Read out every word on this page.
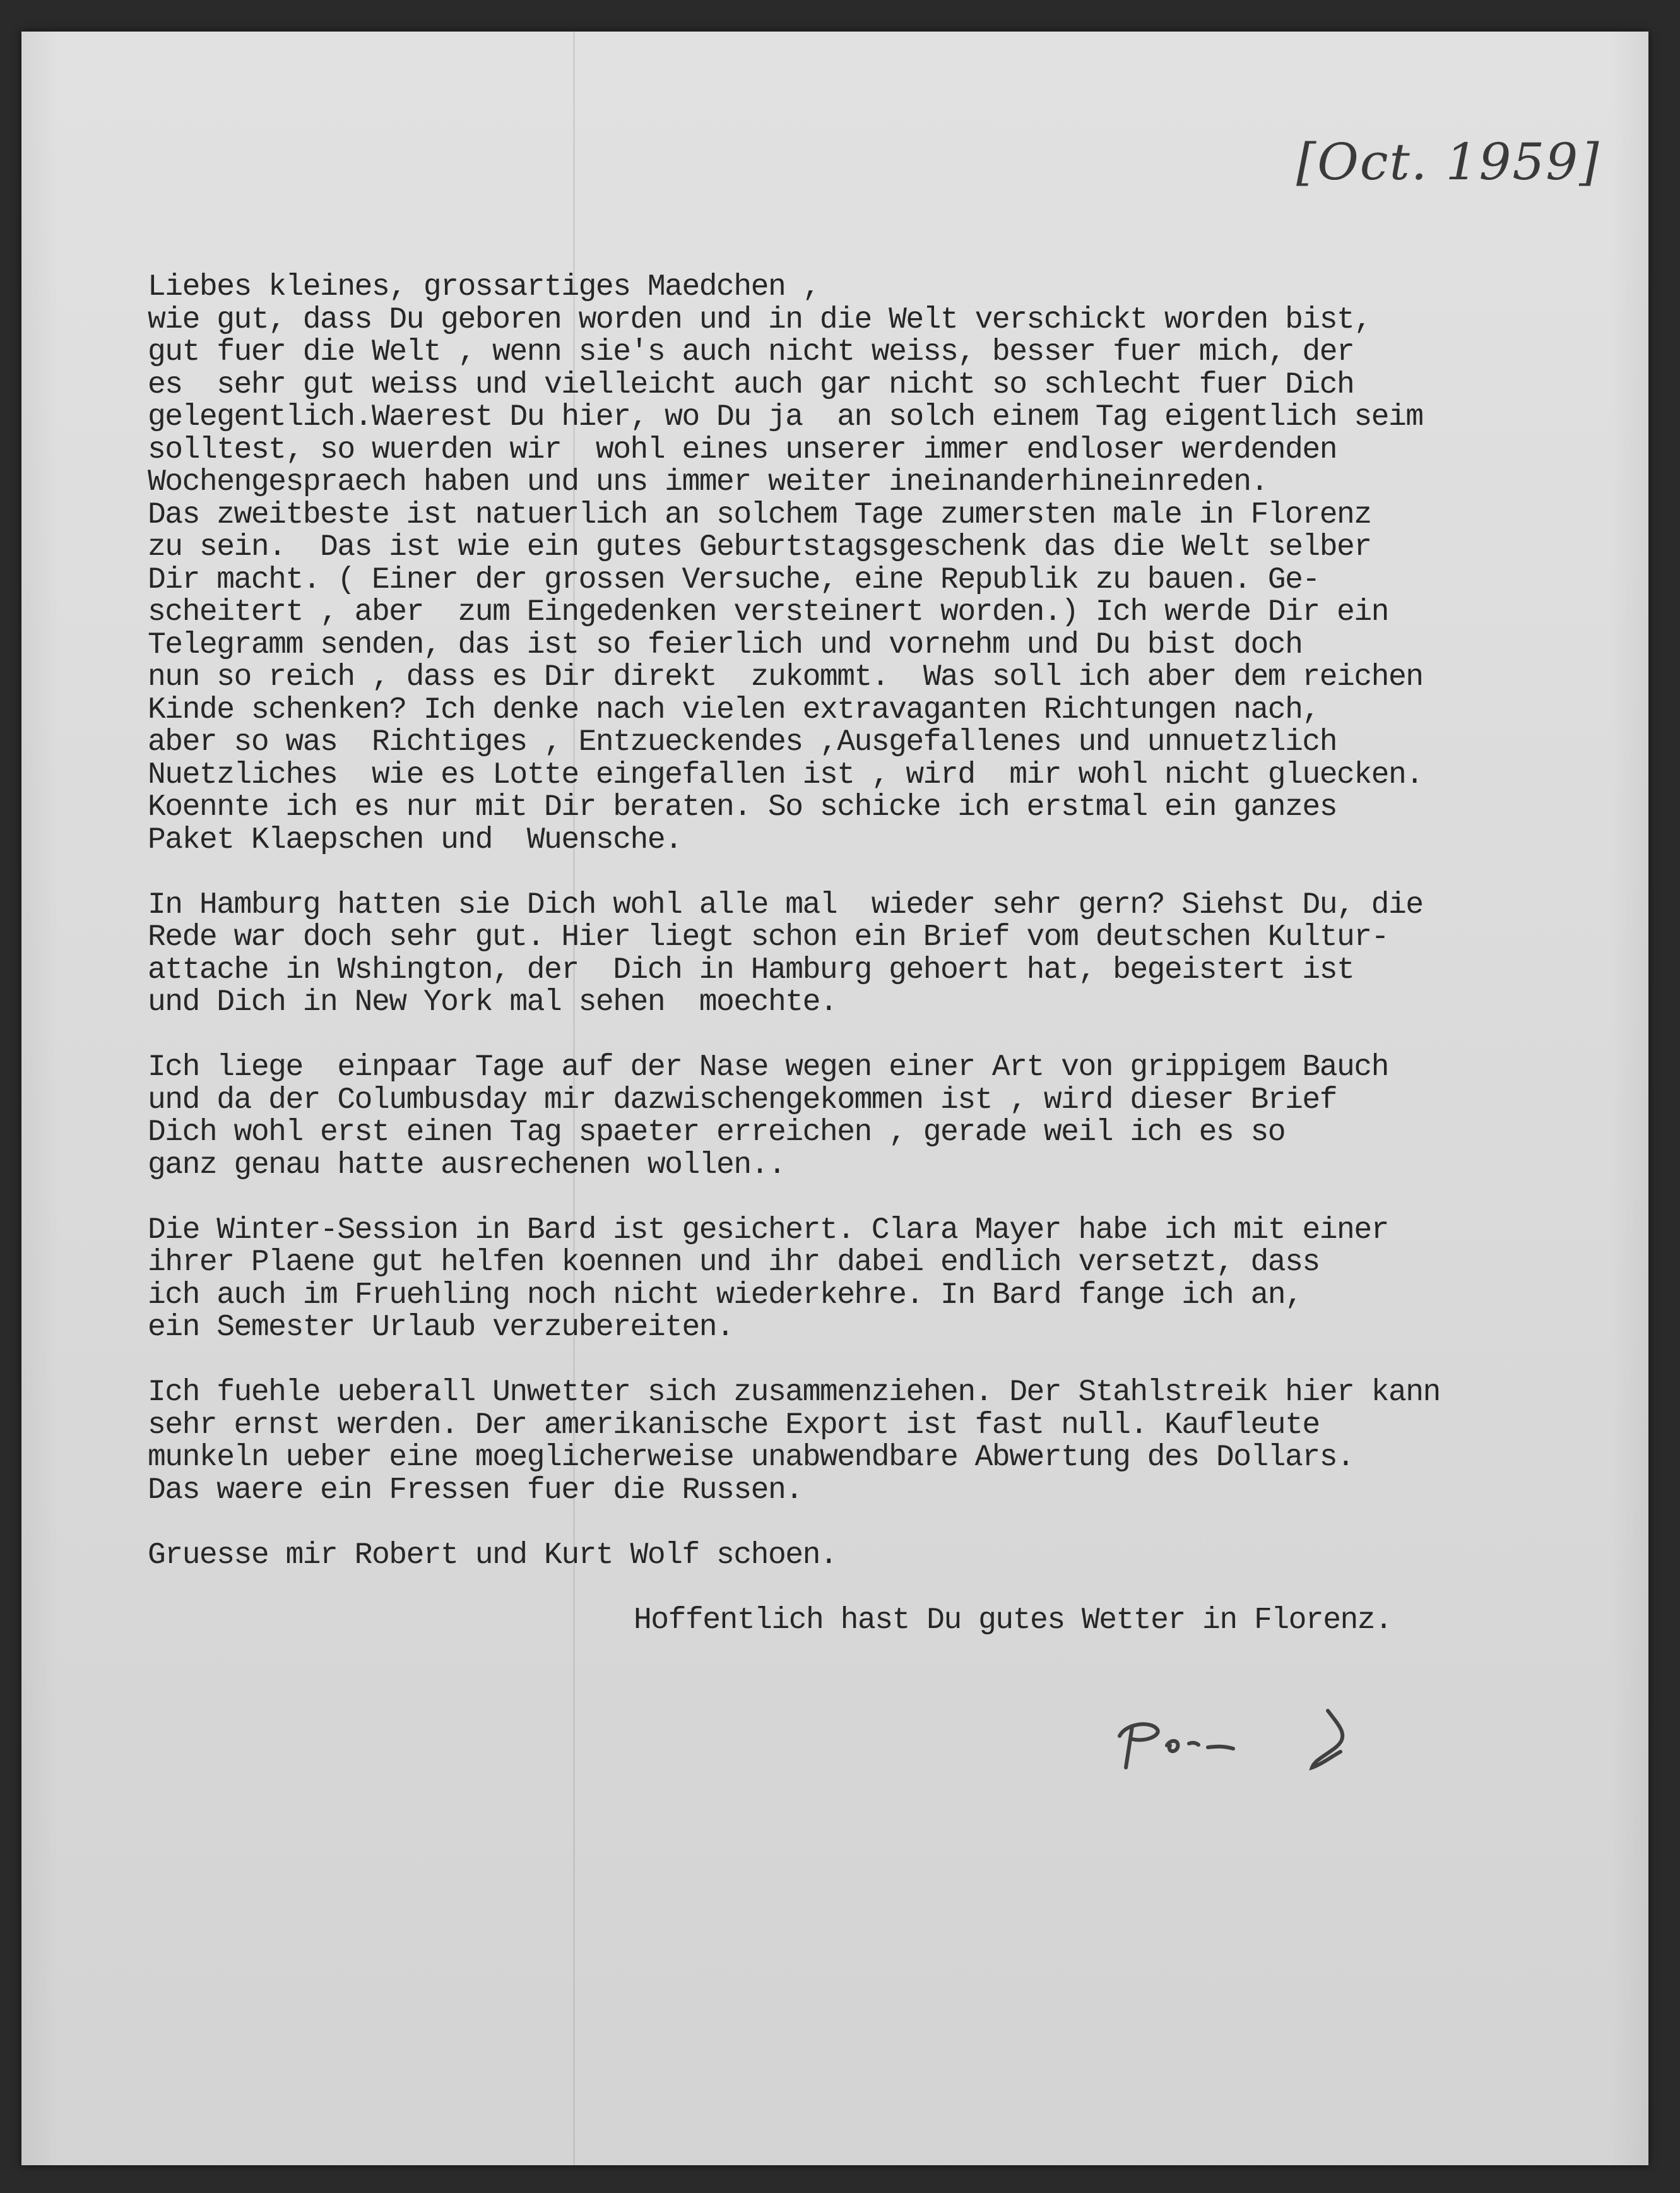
[Oct. 1959]
Liebes kleines, grossartiges Maedchen ,
wie gut, dass Du geboren worden und in die Welt verschickt worden bist,
gut fuer die Welt , wenn sie's auch nicht weiss, besser fuer mich, der
es  sehr gut weiss und vielleicht auch gar nicht so schlecht fuer Dich
gelegentlich.Waerest Du hier, wo Du ja  an solch einem Tag eigentlich seim
solltest, so wuerden wir  wohl eines unserer immer endloser werdenden
Wochengespraech haben und uns immer weiter ineinanderhineinreden.
Das zweitbeste ist natuerlich an solchem Tage zumersten male in Florenz
zu sein.  Das ist wie ein gutes Geburtstagsgeschenk das die Welt selber
Dir macht. ( Einer der grossen Versuche, eine Republik zu bauen. Ge-
scheitert , aber  zum Eingedenken versteinert worden.) Ich werde Dir ein
Telegramm senden, das ist so feierlich und vornehm und Du bist doch
nun so reich , dass es Dir direkt  zukommt.  Was soll ich aber dem reichen
Kinde schenken? Ich denke nach vielen extravaganten Richtungen nach,
aber so was  Richtiges , Entzueckendes ,Ausgefallenes und unnuetzlich
Nuetzliches  wie es Lotte eingefallen ist , wird  mir wohl nicht gluecken.
Koennte ich es nur mit Dir beraten. So schicke ich erstmal ein ganzes
Paket Klaepschen und  Wuensche.
In Hamburg hatten sie Dich wohl alle mal  wieder sehr gern? Siehst Du, die
Rede war doch sehr gut. Hier liegt schon ein Brief vom deutschen Kultur-
attache in Wshington, der  Dich in Hamburg gehoert hat, begeistert ist
und Dich in New York mal sehen  moechte.
Ich liege  einpaar Tage auf der Nase wegen einer Art von grippigem Bauch
und da der Columbusday mir dazwischengekommen ist , wird dieser Brief
Dich wohl erst einen Tag spaeter erreichen , gerade weil ich es so
ganz genau hatte ausrechenen wollen..
Die Winter-Session in Bard ist gesichert. Clara Mayer habe ich mit einer
ihrer Plaene gut helfen koennen und ihr dabei endlich versetzt, dass
ich auch im Fruehling noch nicht wiederkehre. In Bard fange ich an,
ein Semester Urlaub verzubereiten.
Ich fuehle ueberall Unwetter sich zusammenziehen. Der Stahlstreik hier kann
sehr ernst werden. Der amerikanische Export ist fast null. Kaufleute
munkeln ueber eine moeglicherweise unabwendbare Abwertung des Dollars.
Das waere ein Fressen fuer die Russen.
Gruesse mir Robert und Kurt Wolf schoen.
Hoffentlich hast Du gutes Wetter in Florenz.
